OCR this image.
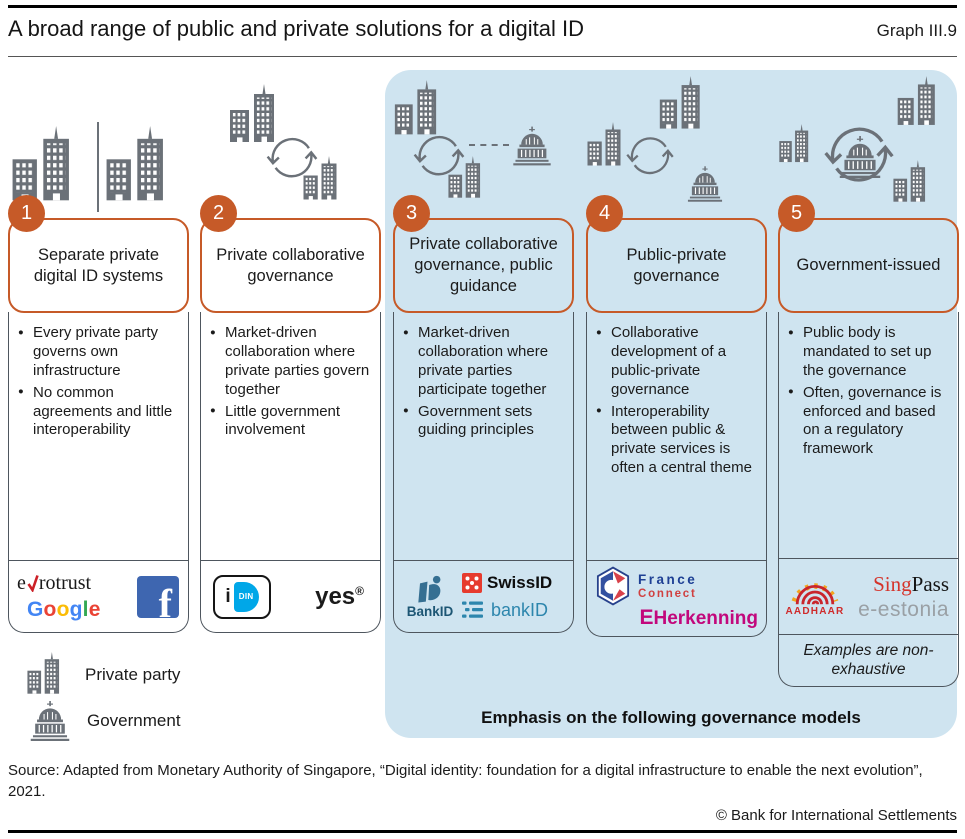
A broad range of public and private solutions for a digital ID	Graph III.9
1
Separate private digital ID systems
● Every private party governs own infrastructure
● No common agreements and little interoperability
e rotrust
Google	f
2
Private collaborative governance
● Market-driven collaboration where private parties govern together
● Little government involvement
i	DIN	yes®
3
Private collaborative governance, public guidance
● Market-driven collaboration where private parties participate together
● Government sets guiding principles
BankID
SwissID
bankID
4
Public-private governance
● Collaborative development of a public-private governance
● Interoperability between public & private services is often a central theme
France
Connect
EHerkenning
5
Government-issued
● Public body is mandated to set up the governance
● Often, governance is enforced and based on a regulatory framework
AADHAAR
SingPass
e-estonia
Examples are non-exhaustive
Private party
Government	Emphasis on the following governance models
Source: Adapted from Monetary Authority of Singapore, “Digital identity: foundation for a digital infrastructure to enable the next evolution”, 2021.
© Bank for International Settlements
